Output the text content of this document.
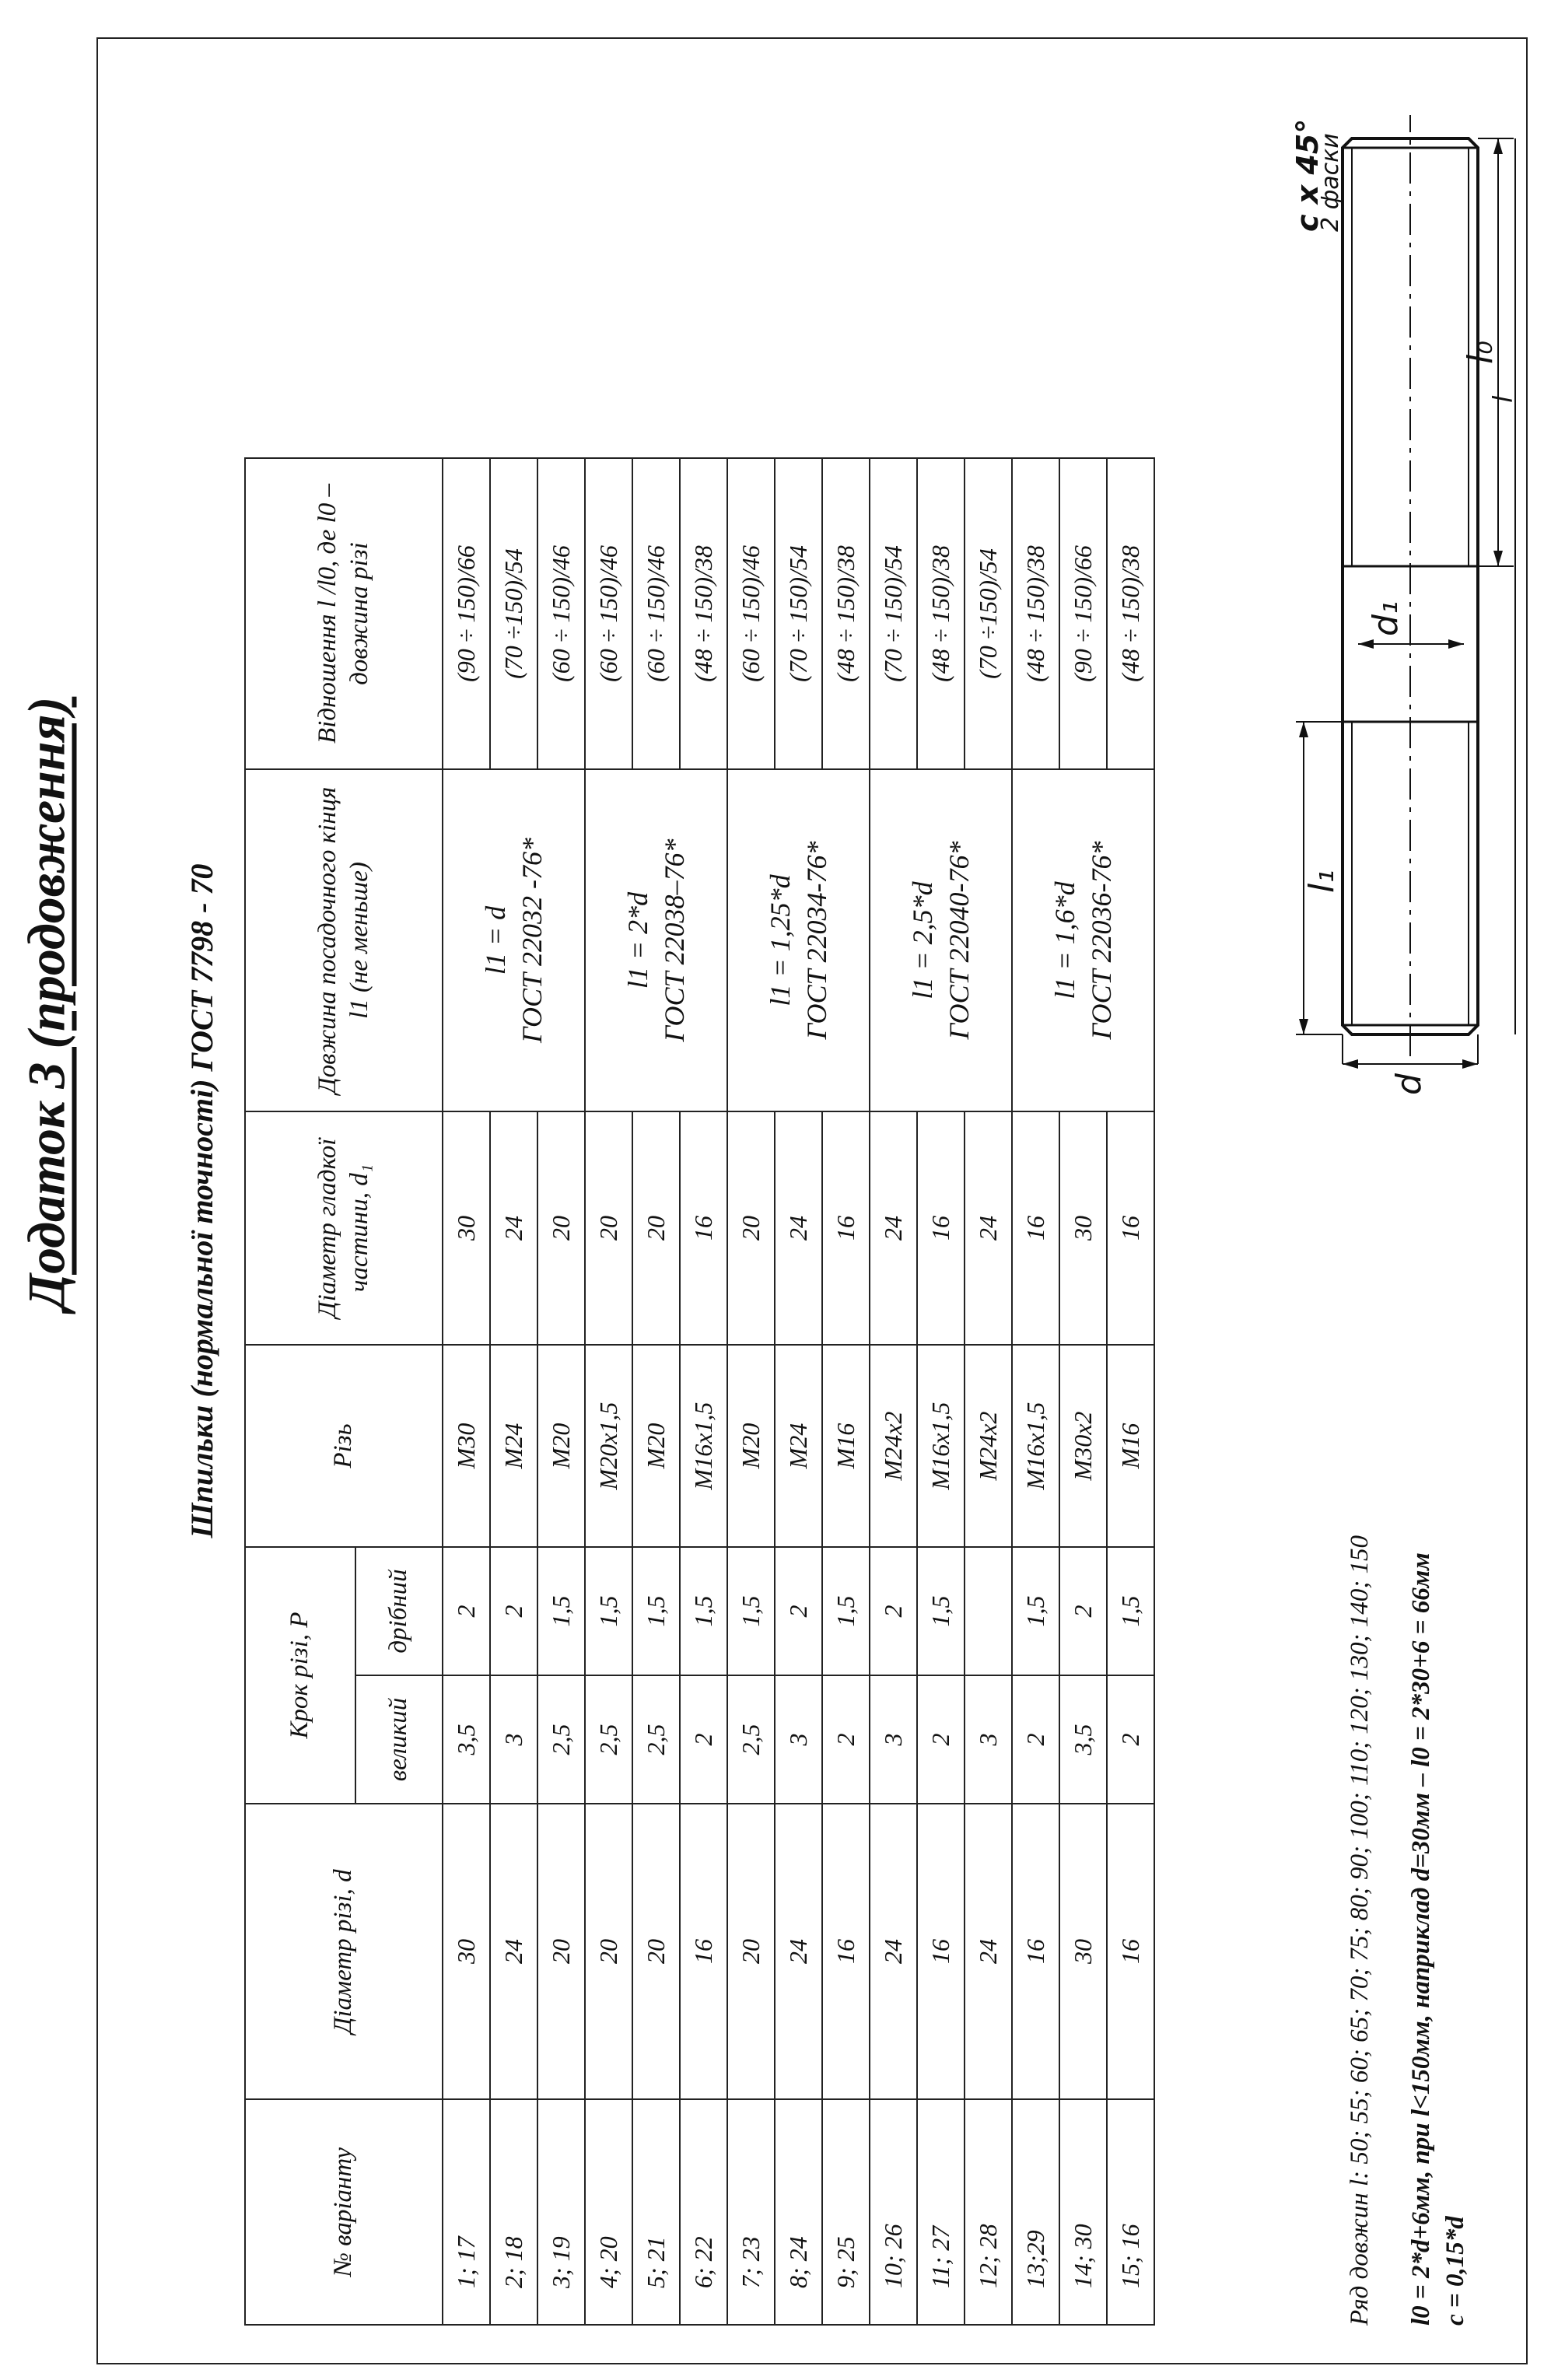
Додаток 3 (продовження)	Шпильки (нормальної точності) ГОСТ 7798 - 70
№ варіанту	Діаметр різі, d	Крок різі, P		Різь	Діаметр гладкої частини, d₁	Довжина посадочного кінця l1 (не меньше)	Відношення l /l0, де l0 – довжина різі
		великий	дрібний				
1; 17	30	3,5	2	M30	30	l1 = d ГОСТ 22032 -76*	(90 ÷ 150)/66
2; 18	24	3	2	M24	24		(70 ÷150)/54
3; 19	20	2,5	1,5	M20	20		(60 ÷ 150)/46
4; 20	20	2,5	1,5	M20x1,5	20	l1 = 2*d ГОСТ 22038–76*	(60 ÷ 150)/46
5; 21	20	2,5	1,5	M20	20		(60 ÷ 150)/46
6; 22	16	2	1,5	M16x1,5	16		(48 ÷ 150)/38
7; 23	20	2,5	1,5	M20	20	l1 = 1,25*d ГОСТ 22034-76*	(60 ÷ 150)/46
8; 24	24	3	2	M24	24		(70 ÷ 150)/54
9; 25	16	2	1,5	M16	16		(48 ÷ 150)/38
10; 26	24	3	2	M24x2	24	l1 = 2,5*d ГОСТ 22040-76*	(70 ÷ 150)/54
11; 27	16	2	1,5	M16x1,5	16		(48 ÷ 150)/38
12; 28	24	3		M24x2	24		(70 ÷150)/54
13;29	16	2	1,5	M16x1,5	16	l1 = 1,6*d ГОСТ 22036-76*	(48 ÷ 150)/38
14; 30	30	3,5	2	M30x2	30		(90 ÷ 150)/66
15; 16	16	2	1,5	M16	16		(48 ÷ 150)/38
Ряд довжин l: 50; 55; 60; 65; 70; 75; 80; 90; 100; 110; 120; 130; 140; 150 l0 = 2*d+6мм, при l<150мм, наприклад d=30мм – l0 = 2*30+6 = 66мм c = 0,15*d
d
l₁
d₁
l₀
l
c x 45°
2 фаски
